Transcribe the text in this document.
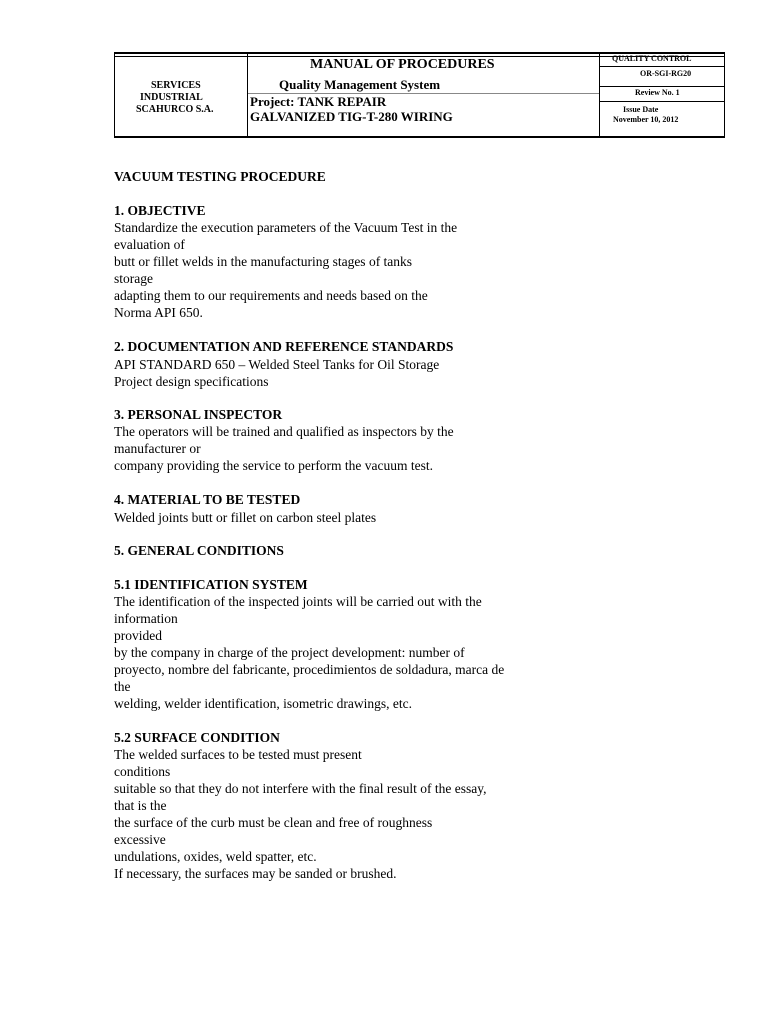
SERVICES
INDUSTRIAL
SCAHURCO S.A.
MANUAL OF PROCEDURES
Quality Management System
Project: TANK REPAIR
GALVANIZED TIG-T-280 WIRING
QUALITY CONTROL
OR-SGI-RG20
Review No. 1
Issue Date
November 10, 2012
VACUUM TESTING PROCEDURE
1. OBJECTIVE
Standardize the execution parameters of the Vacuum Test in the
evaluation of
butt or fillet welds in the manufacturing stages of tanks
storage
adapting them to our requirements and needs based on the
Norma API 650.
2. DOCUMENTATION AND REFERENCE STANDARDS
API STANDARD 650 – Welded Steel Tanks for Oil Storage
Project design specifications
3. PERSONAL INSPECTOR
The operators will be trained and qualified as inspectors by the
manufacturer or
company providing the service to perform the vacuum test.
4. MATERIAL TO BE TESTED
Welded joints butt or fillet on carbon steel plates
5. GENERAL CONDITIONS
5.1 IDENTIFICATION SYSTEM
The identification of the inspected joints will be carried out with the
information
provided
by the company in charge of the project development: number of
proyecto, nombre del fabricante, procedimientos de soldadura, marca de
the
welding, welder identification, isometric drawings, etc.
5.2 SURFACE CONDITION
The welded surfaces to be tested must present
conditions
suitable so that they do not interfere with the final result of the essay,
that is the
the surface of the curb must be clean and free of roughness
excessive
undulations, oxides, weld spatter, etc.
If necessary, the surfaces may be sanded or brushed.
